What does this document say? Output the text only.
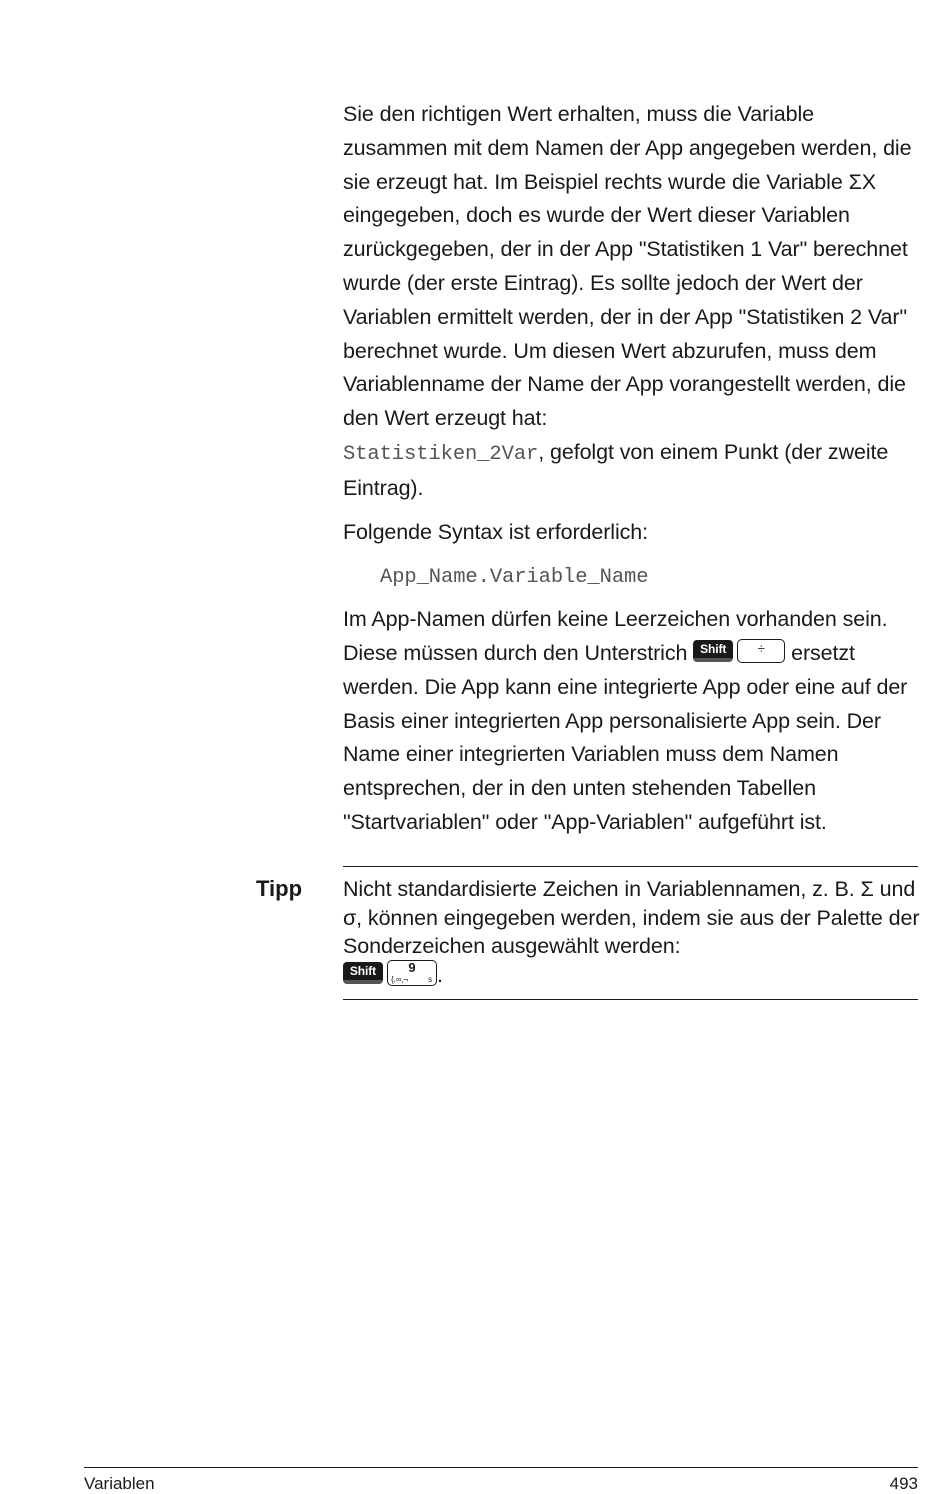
Sie den richtigen Wert erhalten, muss die Variable zusammen mit dem Namen der App angegeben werden, die sie erzeugt hat. Im Beispiel rechts wurde die Variable ΣX eingegeben, doch es wurde der Wert dieser Variablen zurückgegeben, der in der App "Statistiken 1 Var" berechnet wurde (der erste Eintrag). Es sollte jedoch der Wert der Variablen ermittelt werden, der in der App "Statistiken 2 Var" berechnet wurde. Um diesen Wert abzurufen, muss dem Variablenname der Name der App vorangestellt werden, die den Wert erzeugt hat:
Statistiken_2Var, gefolgt von einem Punkt (der zweite Eintrag).

Folgende Syntax ist erforderlich:

App_Name.Variable_Name

Im App-Namen dürfen keine Leerzeichen vorhanden sein. Diese müssen durch den Unterstrich Shift ÷ ersetzt werden. Die App kann eine integrierte App oder eine auf der Basis einer integrierten App personalisierte App sein. Der Name einer integrierten Variablen muss dem Namen entsprechen, der in den unten stehenden Tabellen "Startvariablen" oder "App-Variablen" aufgeführt ist.

Tipp Nicht standardisierte Zeichen in Variablennamen, z. B. Σ und σ, können eingegeben werden, indem sie aus der Palette der Sonderzeichen ausgewählt werden:
Shift	9
{,∞,¬	s .

Variablen	493
